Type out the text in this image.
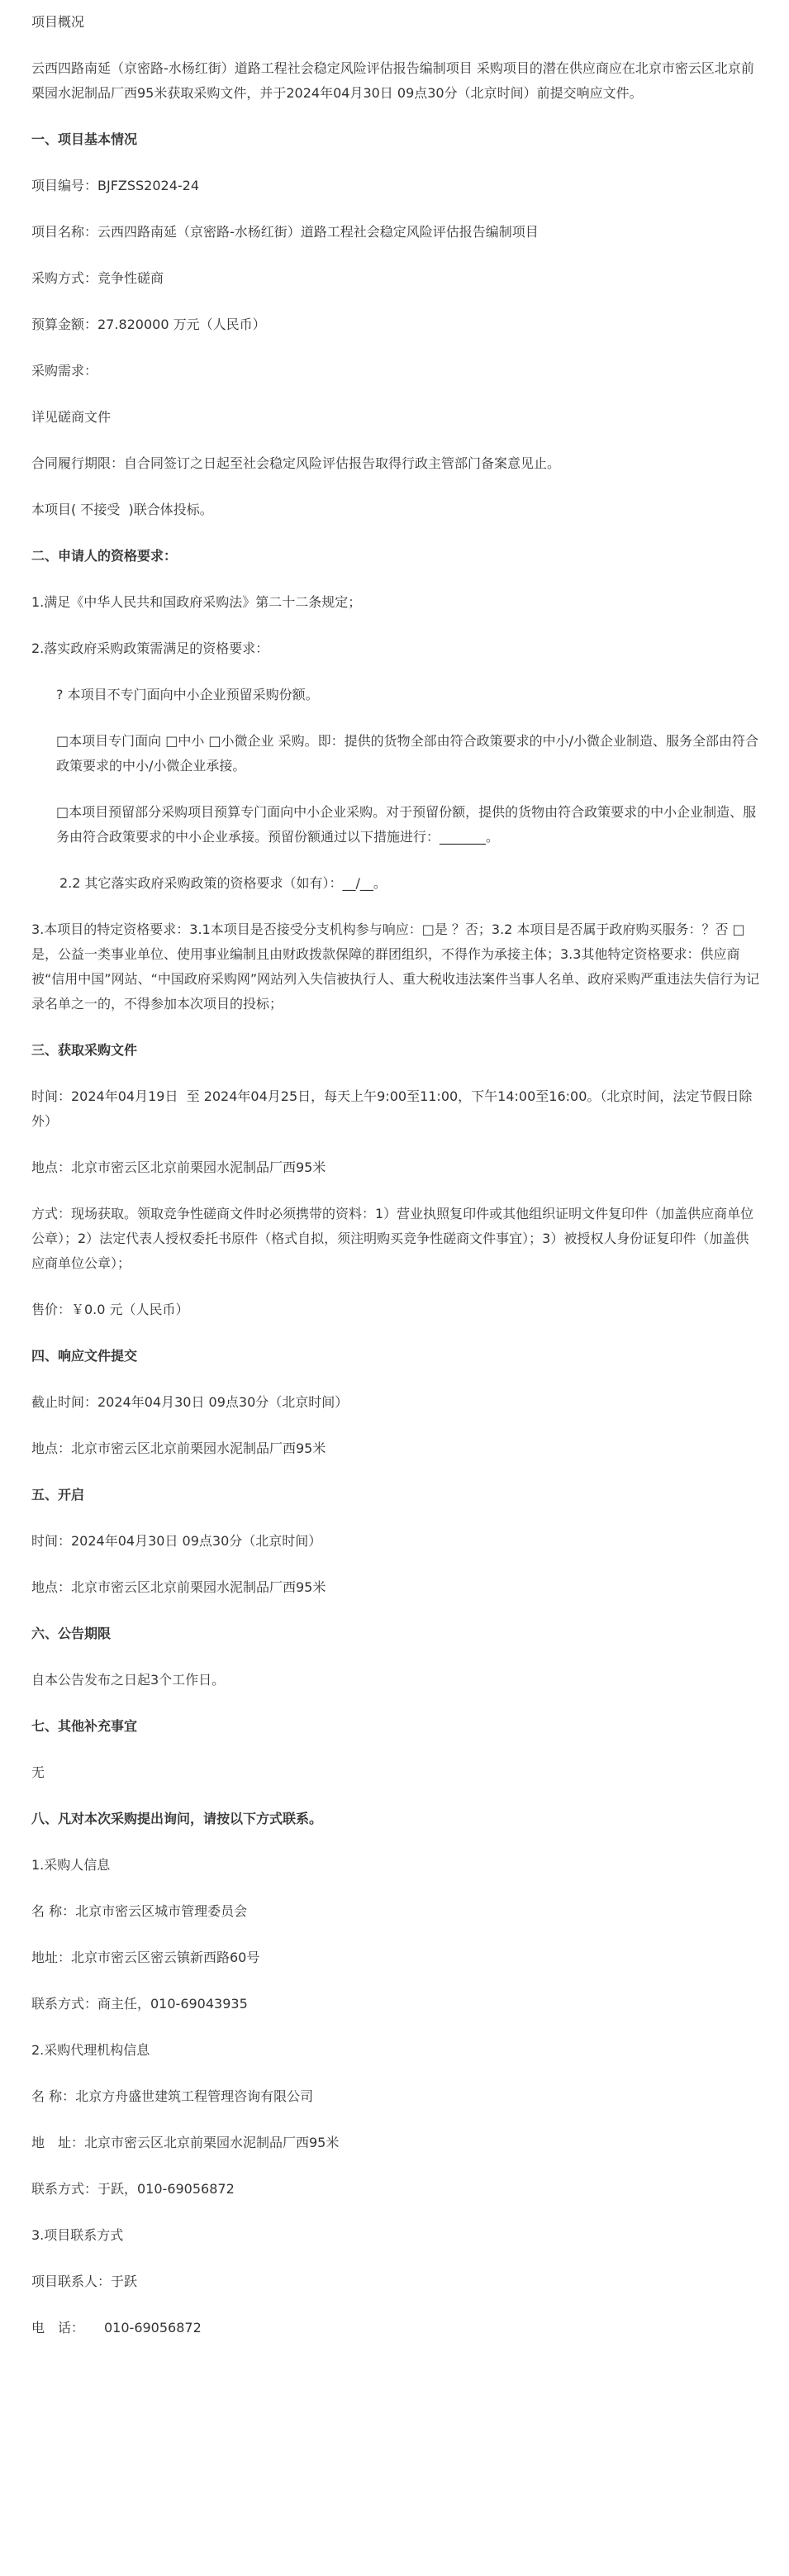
项目概况

云西四路南延（京密路-水杨红街）道路工程社会稳定风险评估报告编制项目 采购项目的潜在供应商应在北京市密云区北京前栗园水泥制品厂西95米获取采购文件，并于2024年04月30日 09点30分（北京时间）前提交响应文件。

一、项目基本情况

项目编号：BJFZSS2024-24

项目名称：云西四路南延（京密路-水杨红街）道路工程社会稳定风险评估报告编制项目

采购方式：竞争性磋商

预算金额：27.820000 万元（人民币）

采购需求：

详见磋商文件

合同履行期限：自合同签订之日起至社会稳定风险评估报告取得行政主管部门备案意见止。

本项目( 不接受  )联合体投标。

二、申请人的资格要求：

1.满足《中华人民共和国政府采购法》第二十二条规定；

2.落实政府采购政策需满足的资格要求：

? 本项目不专门面向中小企业预留采购份额。

□本项目专门面向 □中小 □小微企业 采购。即：提供的货物全部由符合政策要求的中小/小微企业制造、服务全部由符合政策要求的中小/小微企业承接。

□本项目预留部分采购项目预算专门面向中小企业采购。对于预留份额，提供的货物由符合政策要求的中小企业制造、服务由符合政策要求的中小企业承接。预留份额通过以下措施进行：_______。

2.2 其它落实政府采购政策的资格要求（如有）：__/__。

3.本项目的特定资格要求：3.1本项目是否接受分支机构参与响应：□是 ？否；3.2 本项目是否属于政府购买服务：？否 □是，公益一类事业单位、使用事业编制且由财政拨款保障的群团组织，不得作为承接主体；3.3其他特定资格要求：供应商被“信用中国”网站、“中国政府采购网”网站列入失信被执行人、重大税收违法案件当事人名单、政府采购严重违法失信行为记录名单之一的，不得参加本次项目的投标；

三、获取采购文件

时间：2024年04月19日  至 2024年04月25日，每天上午9:00至11:00，下午14:00至16:00。（北京时间，法定节假日除外）

地点：北京市密云区北京前栗园水泥制品厂西95米

方式：现场获取。领取竞争性磋商文件时必须携带的资料：1）营业执照复印件或其他组织证明文件复印件（加盖供应商单位公章）；2）法定代表人授权委托书原件（格式自拟，须注明购买竞争性磋商文件事宜）；3）被授权人身份证复印件（加盖供应商单位公章）；

售价：￥0.0 元（人民币）

四、响应文件提交

截止时间：2024年04月30日 09点30分（北京时间）

地点：北京市密云区北京前栗园水泥制品厂西95米

五、开启

时间：2024年04月30日 09点30分（北京时间）

地点：北京市密云区北京前栗园水泥制品厂西95米

六、公告期限

自本公告发布之日起3个工作日。

七、其他补充事宜

无

八、凡对本次采购提出询问，请按以下方式联系。

1.采购人信息

名 称：北京市密云区城市管理委员会

地址：北京市密云区密云镇新西路60号

联系方式：商主任，010-69043935

2.采购代理机构信息

名 称：北京方舟盛世建筑工程管理咨询有限公司

地　址：北京市密云区北京前栗园水泥制品厂西95米

联系方式：于跃，010-69056872

3.项目联系方式

项目联系人：于跃

电　话：　　010-69056872
